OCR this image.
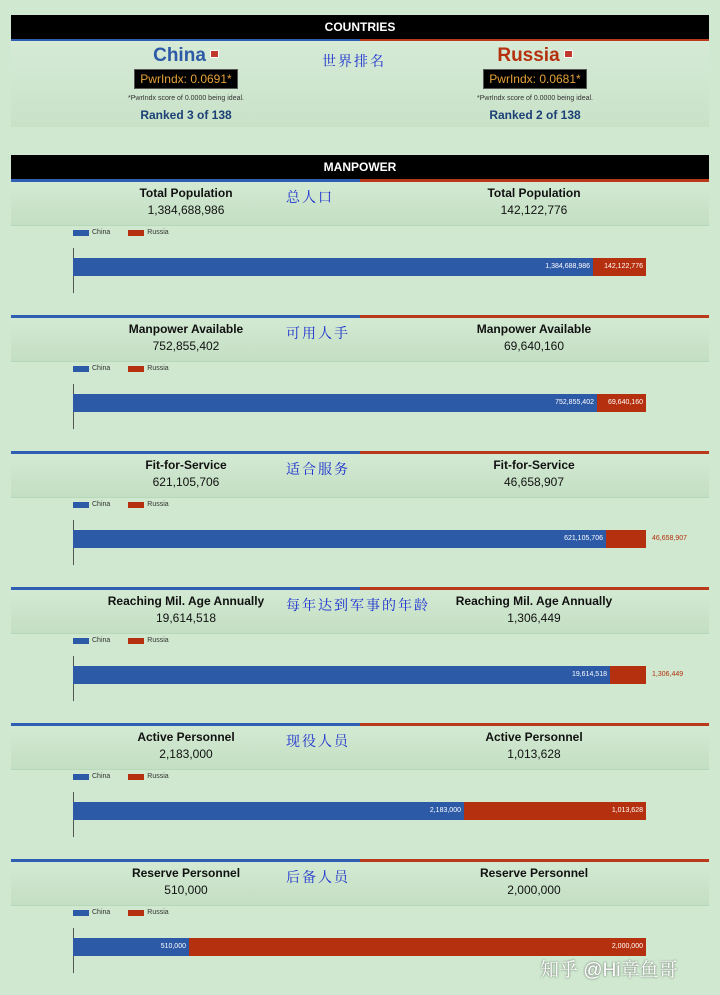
COUNTRIES
China
PwrIndx: 0.0691*
*PwrIndx score of 0.0000 being ideal.
Ranked 3 of 138
Russia
PwrIndx: 0.0681*
*PwrIndx score of 0.0000 being ideal.
Ranked 2 of 138
世界排名
MANPOWER
Total Population
1,384,688,986
Total Population
142,122,776
总人口
China	Russia
1,384,688,986	142,122,776
Manpower Available
752,855,402
Manpower Available
69,640,160
可用人手
China	Russia
752,855,402	69,640,160
Fit-for-Service
621,105,706
Fit-for-Service
46,658,907
适合服务
China	Russia
621,105,706	46,658,907
Reaching Mil. Age Annually
19,614,518
Reaching Mil. Age Annually
1,306,449
每年达到军事的年龄
China	Russia
19,614,518	1,306,449
Active Personnel
2,183,000
Active Personnel
1,013,628
现役人员
China	Russia
2,183,000	1,013,628
Reserve Personnel
510,000
Reserve Personnel
2,000,000
后备人员
China	Russia
510,000	2,000,000
知乎 @Hi章鱼哥
